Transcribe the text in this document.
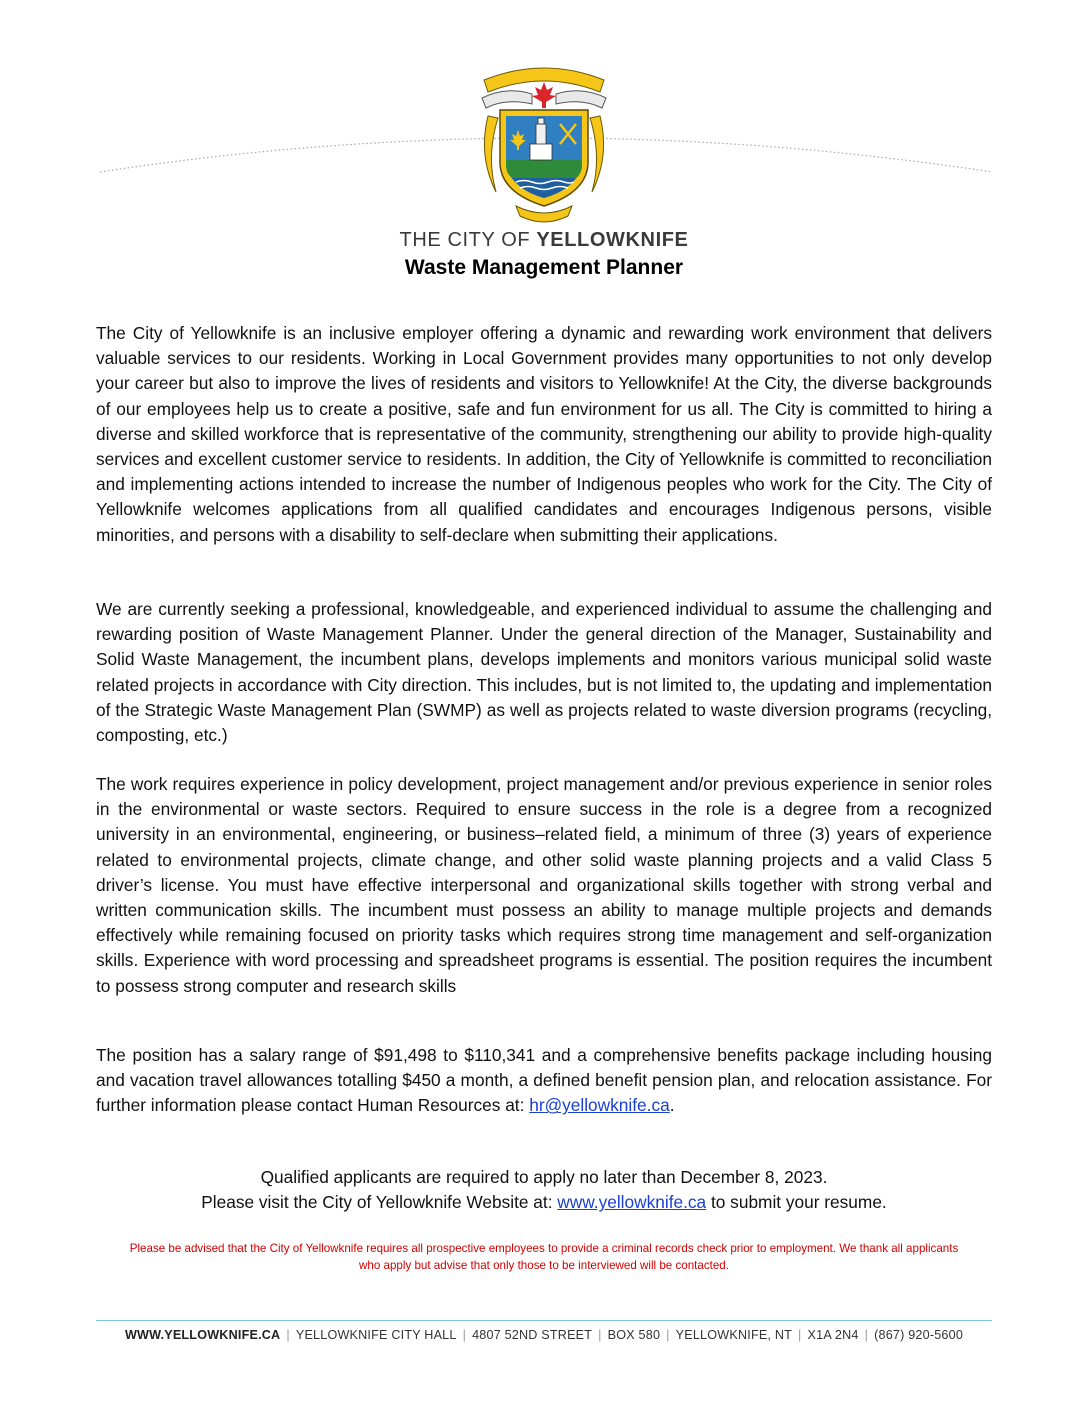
THE CITY OF YELLOWKNIFE
Waste Management Planner

The City of Yellowknife is an inclusive employer offering a dynamic and rewarding work environment that delivers valuable services to our residents. Working in Local Government provides many opportunities to not only develop your career but also to improve the lives of residents and visitors to Yellowknife! At the City, the diverse backgrounds of our employees help us to create a positive, safe and fun environment for us all. The City is committed to hiring a diverse and skilled workforce that is representative of the community, strengthening our ability to provide high-quality services and excellent customer service to residents. In addition, the City of Yellowknife is committed to reconciliation and implementing actions intended to increase the number of Indigenous peoples who work for the City. The City of Yellowknife welcomes applications from all qualified candidates and encourages Indigenous persons, visible minorities, and persons with a disability to self-declare when submitting their applications.

We are currently seeking a professional, knowledgeable, and experienced individual to assume the challenging and rewarding position of Waste Management Planner. Under the general direction of the Manager, Sustainability and Solid Waste Management, the incumbent plans, develops implements and monitors various municipal solid waste related projects in accordance with City direction. This includes, but is not limited to, the updating and implementation of the Strategic Waste Management Plan (SWMP) as well as projects related to waste diversion programs (recycling, composting, etc.)

The work requires experience in policy development, project management and/or previous experience in senior roles in the environmental or waste sectors. Required to ensure success in the role is a degree from a recognized university in an environmental, engineering, or business–related field, a minimum of three (3) years of experience related to environmental projects, climate change, and other solid waste planning projects and a valid Class 5 driver’s license. You must have effective interpersonal and organizational skills together with strong verbal and written communication skills. The incumbent must possess an ability to manage multiple projects and demands effectively while remaining focused on priority tasks which requires strong time management and self-organization skills. Experience with word processing and spreadsheet programs is essential. The position requires the incumbent to possess strong computer and research skills

The position has a salary range of $91,498 to $110,341 and a comprehensive benefits package including housing and vacation travel allowances totalling $450 a month, a defined benefit pension plan, and relocation assistance. For further information please contact Human Resources at: hr@yellowknife.ca.

Qualified applicants are required to apply no later than December 8, 2023.
Please visit the City of Yellowknife Website at: www.yellowknife.ca to submit your resume.
Please be advised that the City of Yellowknife requires all prospective employees to provide a criminal records check prior to employment. We thank all applicants who apply but advise that only those to be interviewed will be contacted.
WWW.YELLOWKNIFE.CA | YELLOWKNIFE CITY HALL | 4807 52ND STREET | BOX 580 | YELLOWKNIFE, NT | X1A 2N4 | (867) 920-5600
